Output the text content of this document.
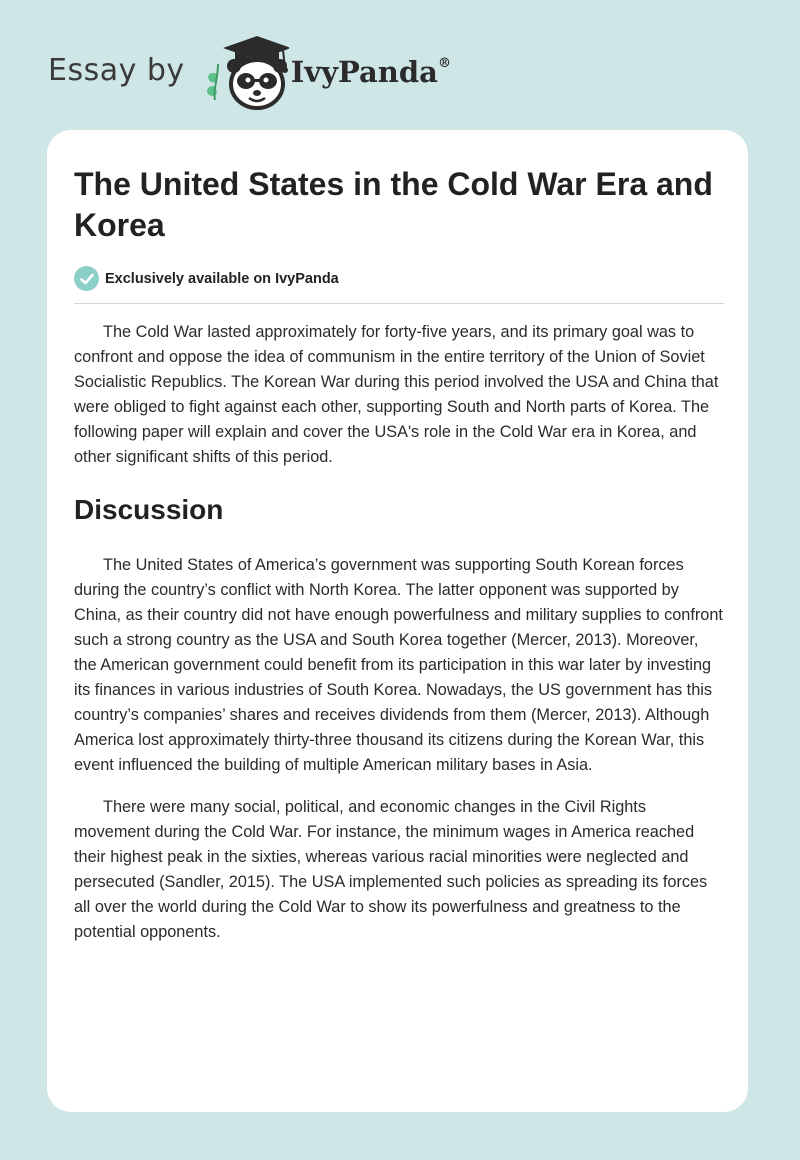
Essay by	IvyPanda®
The United States in the Cold War Era and Korea
Exclusively available on IvyPanda

The Cold War lasted approximately for forty-five years, and its primary goal was to confront and oppose the idea of communism in the entire territory of the Union of Soviet Socialistic Republics. The Korean War during this period involved the USA and China that were obliged to fight against each other, supporting South and North parts of Korea. The following paper will explain and cover the USA's role in the Cold War era in Korea, and other significant shifts of this period.

Discussion

The United States of America’s government was supporting South Korean forces during the country’s conflict with North Korea. The latter opponent was supported by China, as their country did not have enough powerfulness and military supplies to confront such a strong country as the USA and South Korea together (Mercer, 2013). Moreover, the American government could benefit from its participation in this war later by investing its finances in various industries of South Korea. Nowadays, the US government has this country’s companies’ shares and receives dividends from them (Mercer, 2013). Although America lost approximately thirty-three thousand its citizens during the Korean War, this event influenced the building of multiple American military bases in Asia.

There were many social, political, and economic changes in the Civil Rights movement during the Cold War. For instance, the minimum wages in America reached their highest peak in the sixties, whereas various racial minorities were neglected and persecuted (Sandler, 2015). The USA implemented such policies as spreading its forces all over the world during the Cold War to show its powerfulness and greatness to the potential opponents.
